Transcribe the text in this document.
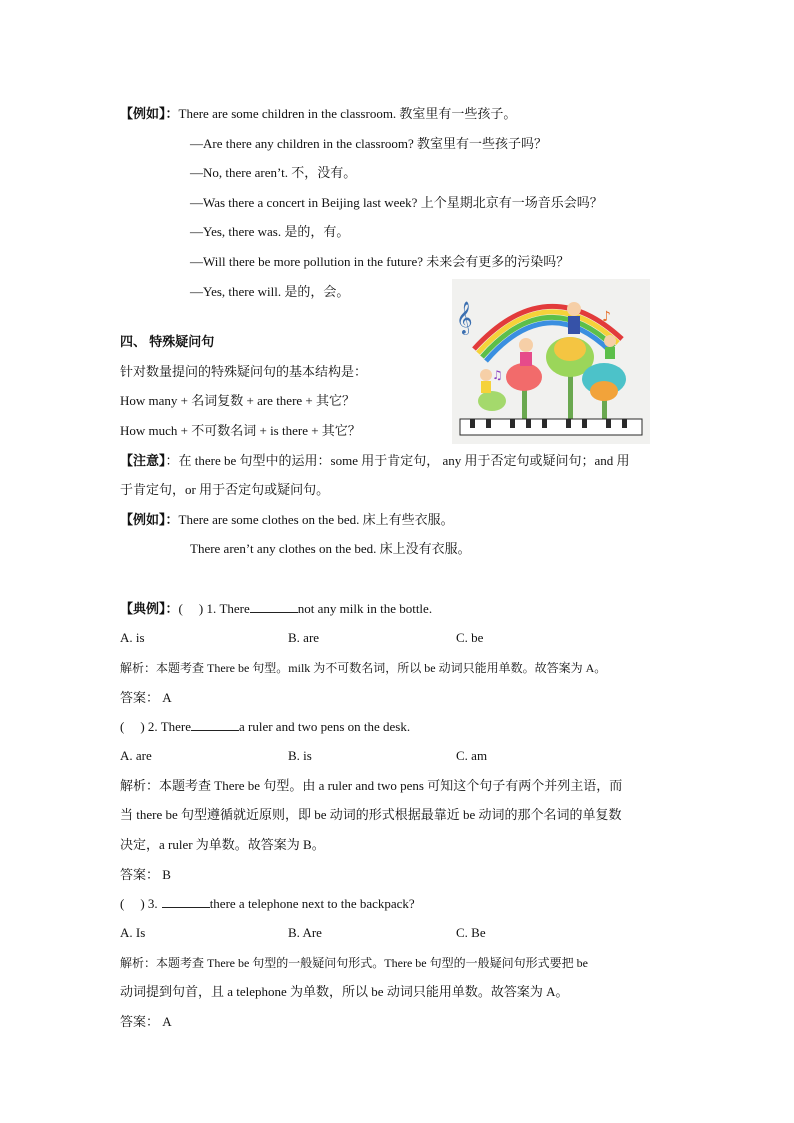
【例如】：There are some children in the classroom. 教室里有一些孩子。
—Are there any children in the classroom? 教室里有一些孩子吗？
—No, there aren’t. 不，没有。
—Was there a concert in Beijing last week? 上个星期北京有一场音乐会吗？
—Yes, there was. 是的，有。
—Will there be more pollution in the future? 未来会有更多的污染吗？
—Yes, there will. 是的，会。
四、 特殊疑问句
针对数量提问的特殊疑问句的基本结构是：
How many + 名词复数 + are there + 其它？
How much + 不可数名词 + is there + 其它？
【注意】：在 there be 句型中的运用：some 用于肯定句， any 用于否定句或疑问句；and 用
于肯定句，or 用于否定句或疑问句。
【例如】：There are some clothes on the bed. 床上有些衣服。
There aren’t any clothes on the bed. 床上没有衣服。
𝄞	♪
♫
【典例】：( ) 1. There	not any milk in the bottle.
A. is	B. are	C. be
解析：本题考查 There be 句型。milk 为不可数名词，所以 be 动词只能用单数。故答案为 A。
答案： A
( ) 2. There	a ruler and two pens on the desk.
A. are	B. is	C. am
解析：本题考查 There be 句型。由 a ruler and two pens 可知这个句子有两个并列主语，而
当 there be 句型遵循就近原则，即 be 动词的形式根据最靠近 be 动词的那个名词的单复数
决定，a ruler 为单数。故答案为 B。
答案： B
( ) 3.	there a telephone next to the backpack?
A. Is	B. Are	C. Be
解析：本题考查 There be 句型的一般疑问句形式。There be 句型的一般疑问句形式要把 be
动词提到句首，且 a telephone 为单数，所以 be 动词只能用单数。故答案为 A。
答案： A
